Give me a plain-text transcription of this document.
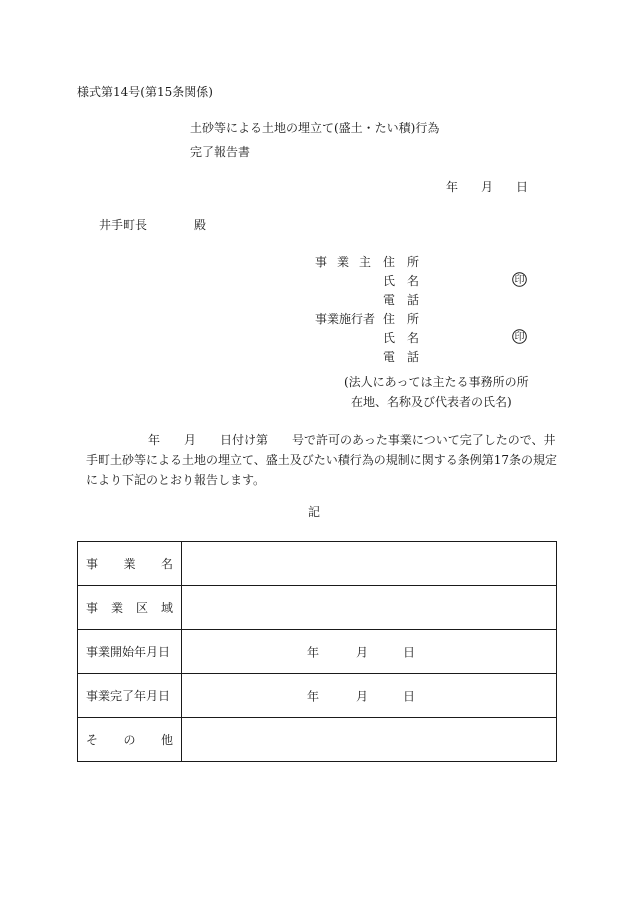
様式第14号(第15条関係)
土砂等による土地の埋立て(盛土・たい積)行為
完了報告書
年 月 日
井手町長	殿
事 業 主 住 所
氏 名	印
電 話
事業施行者 住 所
氏 名	印
電 話
(法人にあっては主たる事務所の所
在地、名称及び代表者の氏名)

年 月 日付け第 号で許可のあった事業について完了したので、井

手町土砂等による土地の埋立て、盛土及びたい積行為の規制に関する条例第17条の規定

により下記のとおり報告します。

記
事 業 名	

事 業 区 域	

事業開始年月日	年 月 日

事業完了年月日	年 月 日

そ の 他	
